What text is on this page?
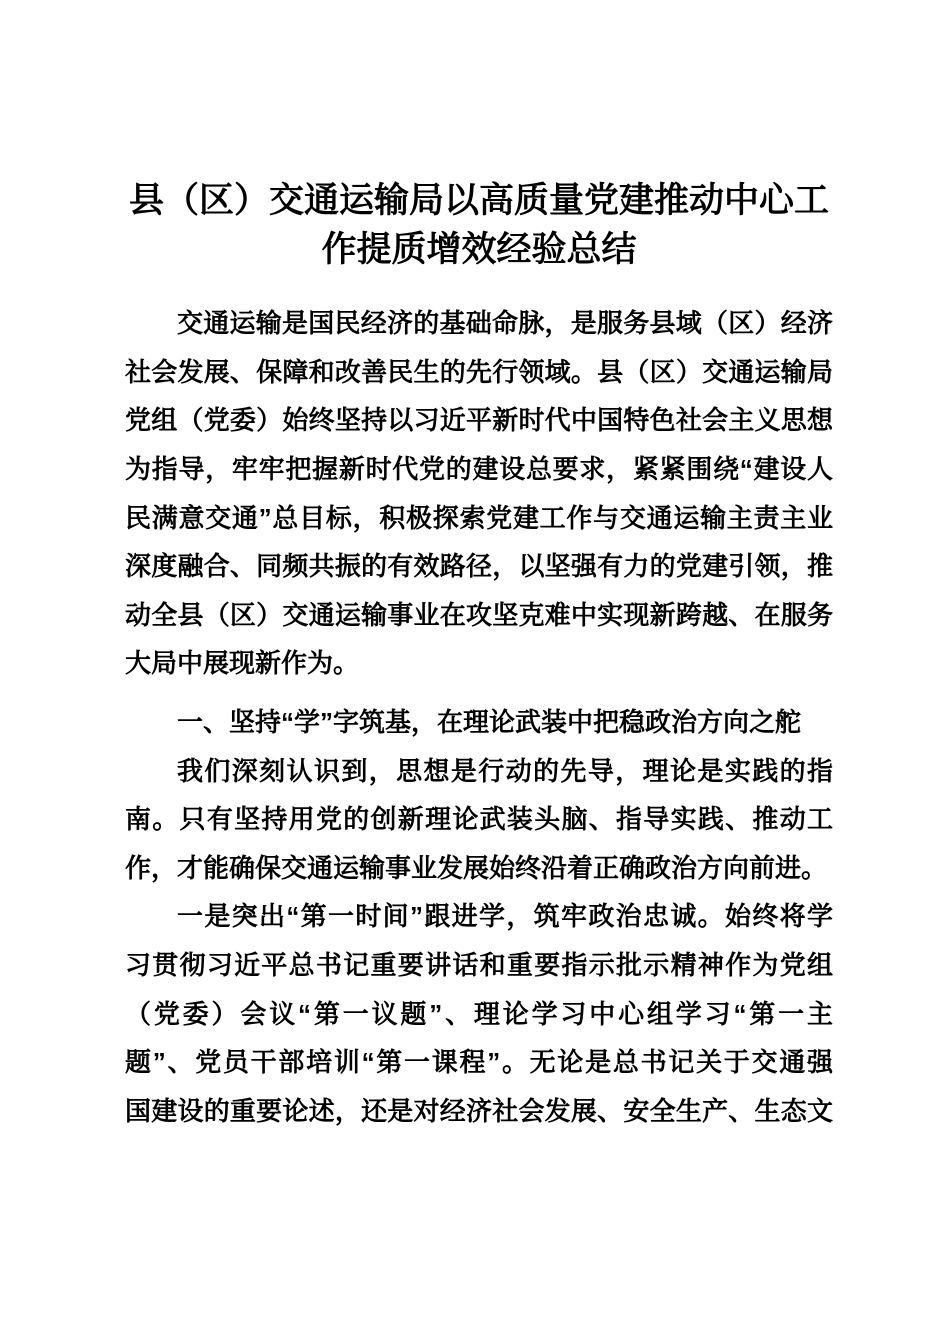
县（区）交通运输局以高质量党建推动中心工
作提质增效经验总结
交通运输是国民经济的基础命脉，是服务县域（区）经济
社会发展、保障和改善民生的先行领域。县（区）交通运输局
党组（党委）始终坚持以习近平新时代中国特色社会主义思想
为指导，牢牢把握新时代党的建设总要求，紧紧围绕“建设人
民满意交通”总目标，积极探索党建工作与交通运输主责主业
深度融合、同频共振的有效路径，以坚强有力的党建引领，推
动全县（区）交通运输事业在攻坚克难中实现新跨越、在服务
大局中展现新作为。
一、坚持“学”字筑基，在理论武装中把稳政治方向之舵
我们深刻认识到，思想是行动的先导，理论是实践的指
南。只有坚持用党的创新理论武装头脑、指导实践、推动工
作，才能确保交通运输事业发展始终沿着正确政治方向前进。
一是突出“第一时间”跟进学，筑牢政治忠诚。始终将学
习贯彻习近平总书记重要讲话和重要指示批示精神作为党组
（党委）会议“第一议题”、理论学习中心组学习“第一主
题”、党员干部培训“第一课程”。无论是总书记关于交通强
国建设的重要论述，还是对经济社会发展、安全生产、生态文
